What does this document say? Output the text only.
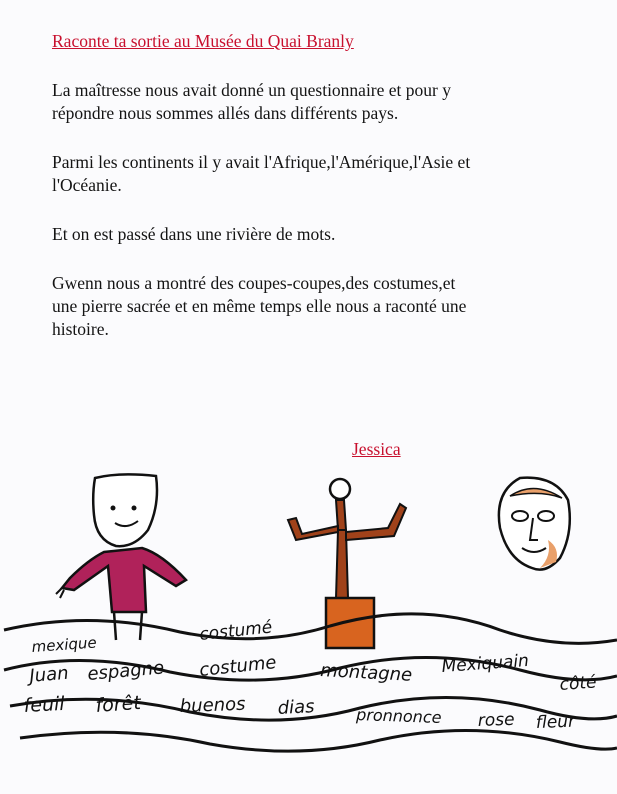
Raconte ta sortie au Musée du Quai Branly
La maîtresse nous avait donné un questionnaire et pour y
répondre nous sommes allés dans différents pays.
Parmi les continents il y avait l'Afrique,l'Amérique,l'Asie et
l'Océanie.
Et on est passé dans une rivière de mots.
Gwenn nous a montré des coupes-coupes,des costumes,et
une pierre sacrée et en même temps elle nous a raconté une
histoire.
Jessica
mexique	costumé
Juan espagne costume montagne Mexiquain
côté
feuil forêt buenos dias	pronnonce rose fleur
